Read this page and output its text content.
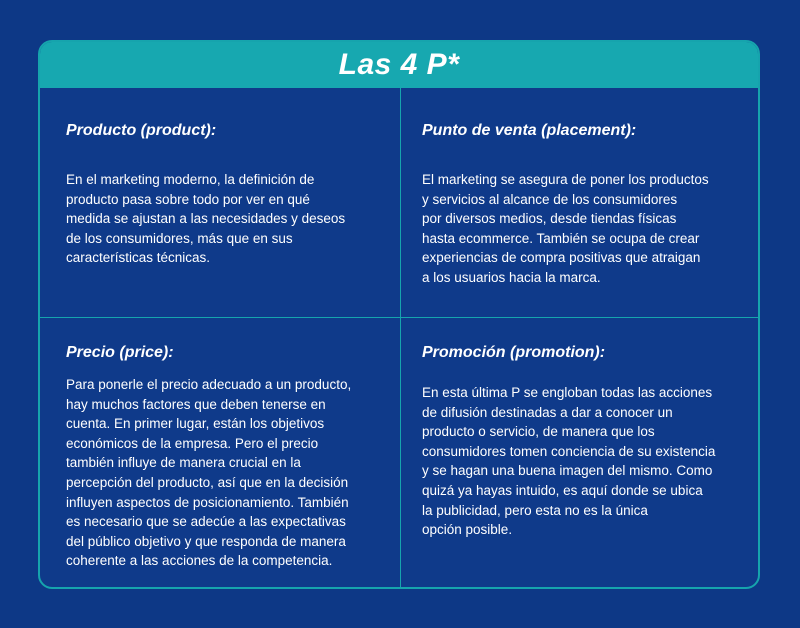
Las 4 P*

Producto (product):

En el marketing moderno, la definición de
producto pasa sobre todo por ver en qué
medida se ajustan a las necesidades y deseos
de los consumidores, más que en sus
características técnicas.

Punto de venta (placement):

El marketing se asegura de poner los productos
y servicios al alcance de los consumidores
por diversos medios, desde tiendas físicas
hasta ecommerce. También se ocupa de crear
experiencias de compra positivas que atraigan
a los usuarios hacia la marca.

Precio (price):

Para ponerle el precio adecuado a un producto,
hay muchos factores que deben tenerse en
cuenta. En primer lugar, están los objetivos
económicos de la empresa. Pero el precio
también influye de manera crucial en la
percepción del producto, así que en la decisión
influyen aspectos de posicionamiento. También
es necesario que se adecúe a las expectativas
del público objetivo y que responda de manera
coherente a las acciones de la competencia.

Promoción (promotion):

En esta última P se engloban todas las acciones
de difusión destinadas a dar a conocer un
producto o servicio, de manera que los
consumidores tomen conciencia de su existencia
y se hagan una buena imagen del mismo. Como
quizá ya hayas intuido, es aquí donde se ubica
la publicidad, pero esta no es la única
opción posible.
